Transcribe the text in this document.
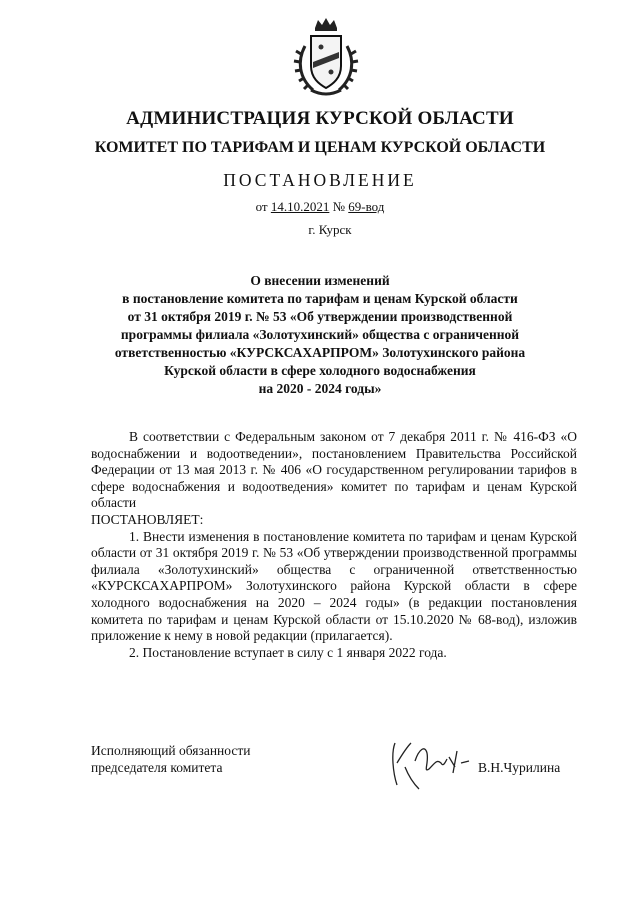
АДМИНИСТРАЦИЯ КУРСКОЙ ОБЛАСТИ
КОМИТЕТ ПО ТАРИФАМ И ЦЕНАМ КУРСКОЙ ОБЛАСТИ
ПОСТАНОВЛЕНИЕ
от 14.10.2021 № 69-вод
г. Курск
О внесении изменений
в постановление комитета по тарифам и ценам Курской области
от 31 октября 2019 г. № 53 «Об утверждении производственной
программы филиала «Золотухинский» общества с ограниченной
ответственностью «КУРСКСАХАРПРОМ» Золотухинского района
Курской области в сфере холодного водоснабжения
на 2020 - 2024 годы»

В соответствии с Федеральным законом от 7 декабря 2011 г. № 416-ФЗ «О водоснабжении и водоотведении», постановлением Правительства Российской Федерации от 13 мая 2013 г. № 406 «О государственном регулировании тарифов в сфере водоснабжения и водоотведения» комитет по тарифам и ценам Курской области

ПОСТАНОВЛЯЕТ:

1. Внести изменения в постановление комитета по тарифам и ценам Курской области от 31 октября 2019 г. № 53 «Об утверждении производственной программы филиала «Золотухинский» общества с ограниченной ответственностью «КУРСКСАХАРПРОМ» Золотухинского района Курской области в сфере холодного водоснабжения на 2020 – 2024 годы» (в редакции постановления комитета по тарифам и ценам Курской области от 15.10.2020 № 68-вод), изложив приложение к нему в новой редакции (прилагается).

2. Постановление вступает в силу с 1 января 2022 года.

Исполняющий обязанности
председателя комитета	В.Н.Чурилина
